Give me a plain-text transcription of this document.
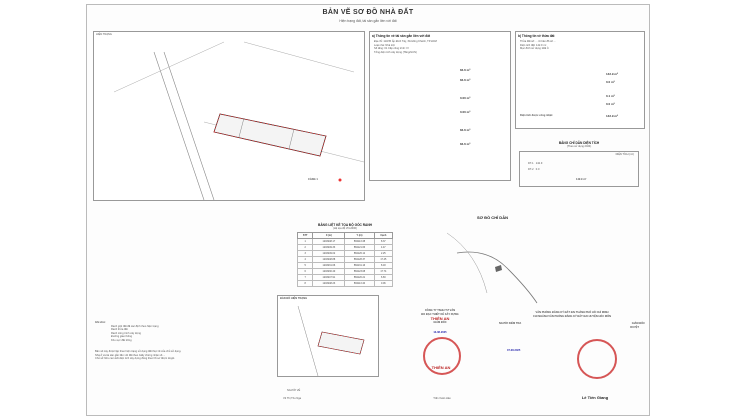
BẢN VẼ SƠ ĐỒ NHÀ ĐẤT
Hiện trạng đất, tài sản gắn liền với đất
HIỆN TRẠNG
CẢNG 1
a) Thông tin về tài sản gắn liền với đất
Địa chỉ: 113/35 Ấp Đình Tây, Xã Hồng Khánh, TP.HCM
Loại nhà: Nhà trệt
Số tầng: 01 Cấp công trình: IV
Tổng diện tích xây dựng (Tầng/GCN)
84.6 m²
84.6 m²
0.00 m²
0.00 m²
84.6 m²
84.6 m²
b) Thông tin về thửa đất
Thửa đất số: ... tờ bản đồ số ...
Diện tích đất: 142.9 m²
Mục đích sử dụng: Đất ở
142.9 m²
0.0 m²
0.1 m²
0.0 m²
Diện tích được công nhận:	142.9 m²
BẢNG CHỈ DẪN DIỆN TÍCH
(Theo sử dụng 2024)
DIỆN TÍCH (m²)
DT-1 142.9
DT-2 0.0
142.9 m²
BẢNG LIỆT KÊ TỌA ĐỘ GÓC RANH
(Hệ tọa độ VN-2000)
STT	X (m)	Y (m)	Cạnh
1	1203248.17	584113.38	8.37
2	1203249.33	584121.66	4.47
3	1203249.02	584126.12	2.25
4	1203248.88	584128.37	17.45
5	1203231.66	584131.16	8.18
6	1203230.40	584123.08	17.74
7	1203247.91	584120.21	6.83
8	1203248.23	584113.40	0.06
SƠ ĐỒ CHỈ DẪN
Ghi chú:
Ranh giới đất đã xác định theo hiện trạng
Ranh thửa đất
Ranh công trình xây dựng
Đường giao thông
Khu vực đất trống
Bản vẽ này được lập theo hiện trạng sử dụng đất thực tế của chủ sử dụng.
Nhà ở và tài sản gắn liền với đất theo Giấy chứng nhận số ...
Chủ sở hữu cam kết diện tích xây dựng đúng theo hồ sơ được duyệt.
BẢN ĐỒ HIỆN TRẠNG
CÔNG TY TNHH TƯ VẤN
ĐO ĐẠC THIẾT KẾ XÂY DỰNG
THIÊN AN
GIÁM ĐỐC
13-08-2025
THIÊN AN
Trần Xuân Hảo
NGƯỜI VẼ
Vũ Thị Thu Nga
VĂN PHÒNG ĐĂNG KÝ ĐẤT ĐAI THÀNH PHỐ HỒ CHÍ MINH
CHI NHÁNH VĂN PHÒNG ĐĂNG KÝ ĐẤT ĐAI HUYỆN HÓC MÔN
NGƯỜI KIỂM TRA	GIÁM ĐỐC
DUYỆT
07-08-2025
Lê Tiến Giang
